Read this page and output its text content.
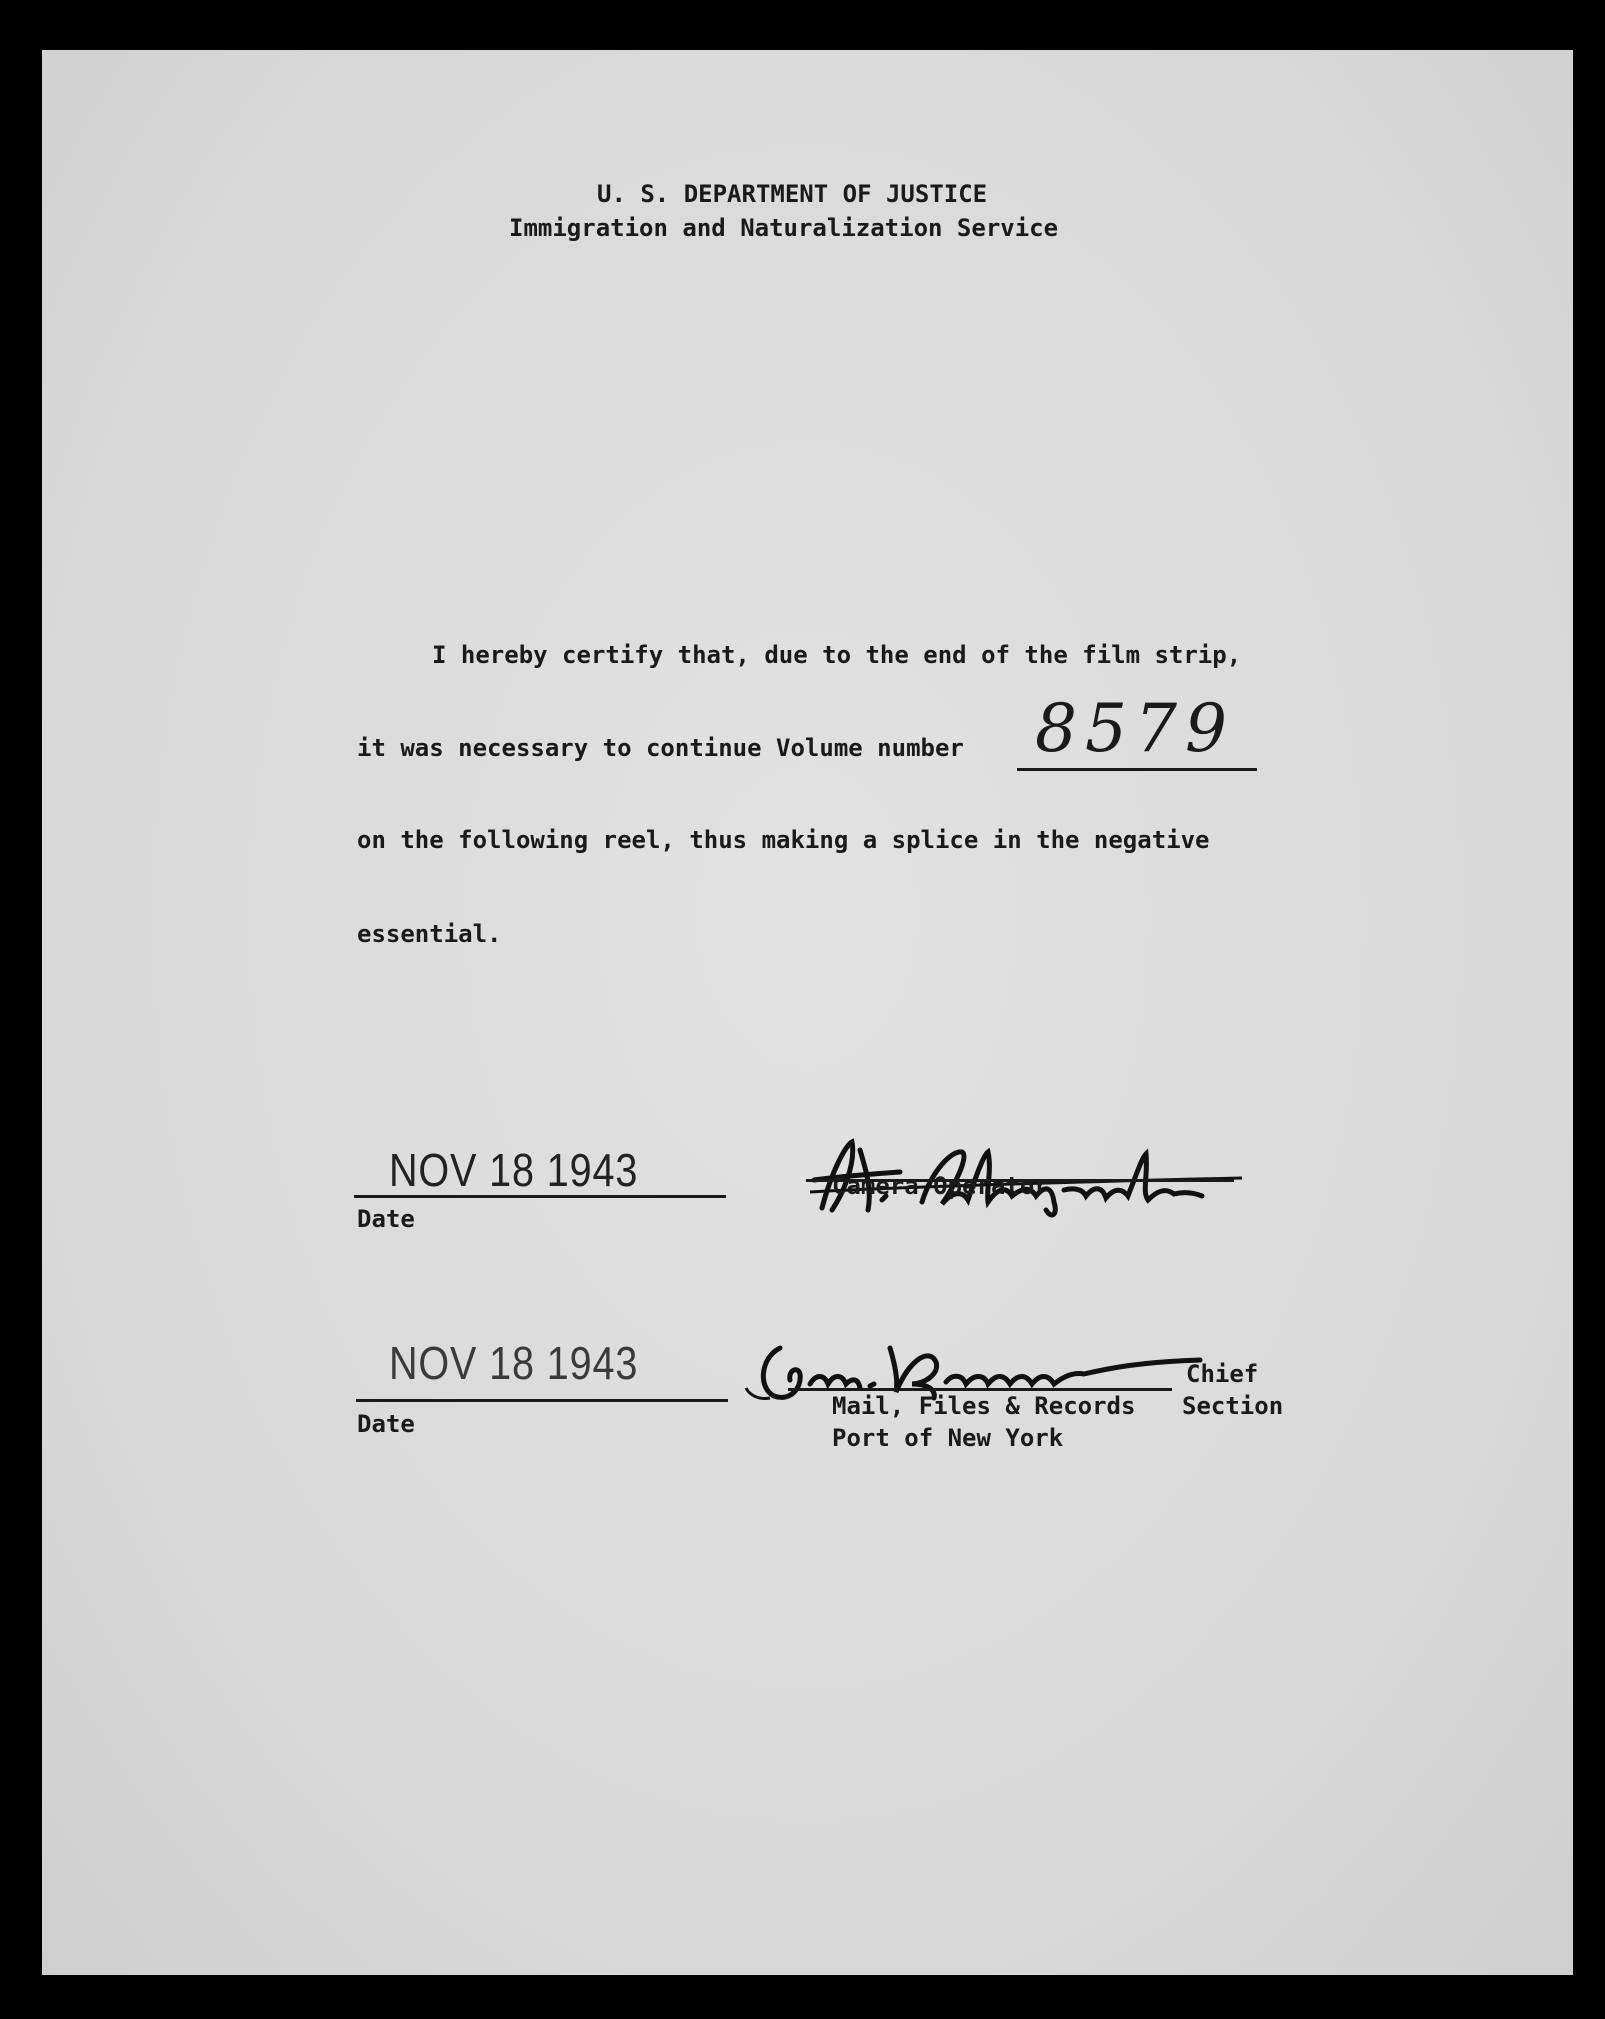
U. S. DEPARTMENT OF JUSTICE
Immigration and Naturalization Service
I hereby certify that, due to the end of the film strip,
it was necessary to continue Volume number 8579
on the following reel, thus making a splice in the negative
essential.
NOV 18 1943
Date
Camera Operator
NOV 18 1943
Date
Chief
Mail, Files & Records Section
Port of New York
